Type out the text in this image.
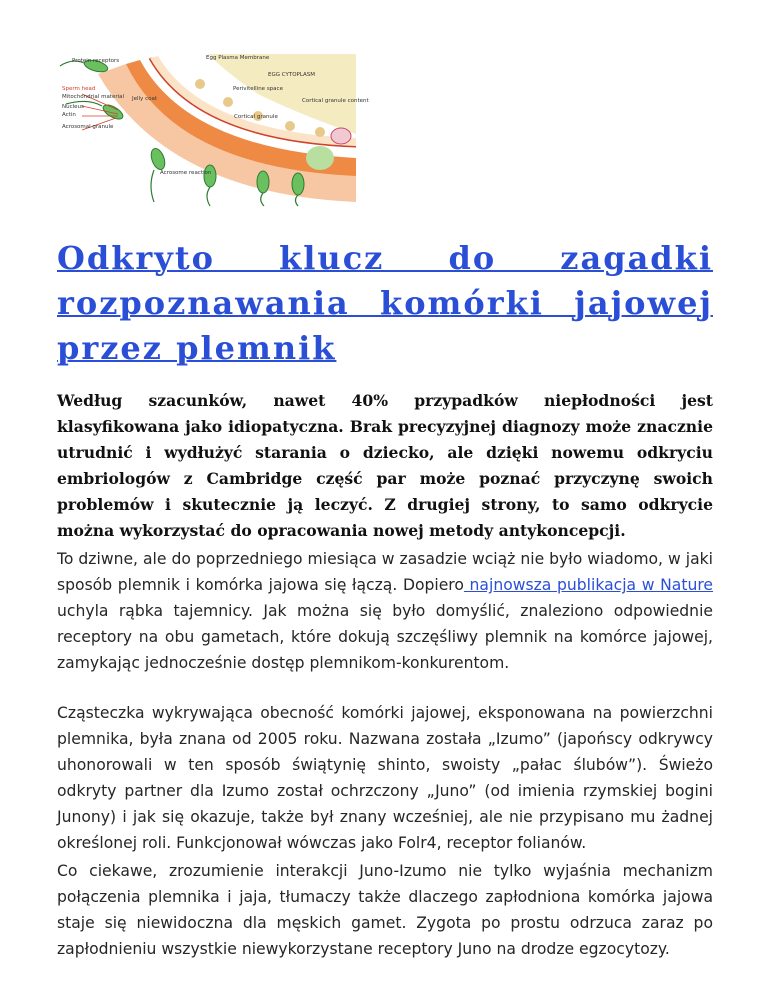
Protein receptors	Egg Plasma Membrane
EGG CYTOPLASM
Sperm head
Mitochondrial material
Nucleus
Actin
Acrosomal granule
Jelly coat
Perivitelline space
Cortical granule
Cortical granule content
Acrosome reaction
Odkryto klucz do zagadki rozpoznawania komórki jajowej przez plemnik

Według szacunków, nawet 40% przypadków niepłodności jest klasyfikowana jako idiopatyczna. Brak precyzyjnej diagnozy może znacznie utrudnić i wydłużyć starania o dziecko, ale dzięki nowemu odkryciu embriologów z Cambridge część par może poznać przyczynę swoich problemów i skutecznie ją leczyć. Z drugiej strony, to samo odkrycie można wykorzystać do opracowania nowej metody antykoncepcji.

To dziwne, ale do poprzedniego miesiąca w zasadzie wciąż nie było wiadomo, w jaki sposób plemnik i komórka jajowa się łączą. Dopiero najnowsza publikacja w Nature uchyla rąbka tajemnicy. Jak można się było domyślić, znaleziono odpowiednie receptory na obu gametach, które dokują szczęśliwy plemnik na komórce jajowej, zamykając jednocześnie dostęp plemnikom-konkurentom.

Cząsteczka wykrywająca obecność komórki jajowej, eksponowana na powierzchni plemnika, była znana od 2005 roku. Nazwana została „Izumo” (japońscy odkrywcy uhonorowali w ten sposób świątynię shinto, swoisty „pałac ślubów”). Świeżo odkryty partner dla Izumo został ochrzczony „Juno” (od imienia rzymskiej bogini Junony) i jak się okazuje, także był znany wcześniej, ale nie przypisano mu żadnej określonej roli. Funkcjonował wówczas jako Folr4, receptor folianów.

Co ciekawe, zrozumienie interakcji Juno-Izumo nie tylko wyjaśnia mechanizm połączenia plemnika i jaja, tłumaczy także dlaczego zapłodniona komórka jajowa staje się niewidoczna dla męskich gamet. Zygota po prostu odrzuca zaraz po zapłodnieniu wszystkie niewykorzystane receptory Juno na drodze egzocytozy.
